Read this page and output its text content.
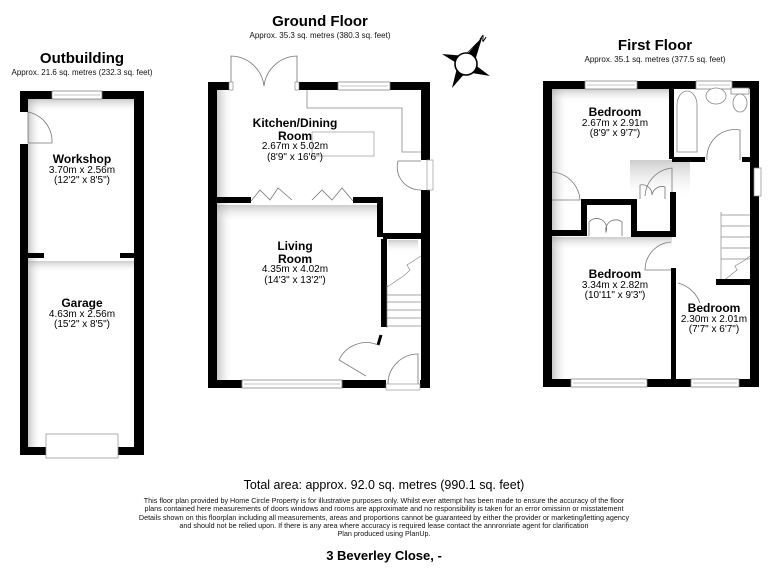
N
Outbuilding
Approx. 21.6 sq. metres (232.3 sq. feet)
Ground Floor
Approx. 35.3 sq. metres (380.3 sq. feet)
First Floor
Approx. 35.1 sq. metres (377.5 sq. feet)
Workshop
3.70m x 2.56m
(12'2" x 8'5")
Garage
4.63m x 2.56m
(15'2" x 8'5")
Kitchen/Dining
Room
2.67m x 5.02m
(8'9" x 16'6")
Living
Room
4.35m x 4.02m
(14'3" x 13'2")
Bedroom
2.67m x 2.91m
(8'9" x 9'7")
Bedroom
3.34m x 2.82m
(10'11" x 9'3")
Bedroom
2.30m x 2.01m
(7'7" x 6'7")
Total area: approx. 92.0 sq. metres (990.1 sq. feet)
This floor plan provided by Home Circle Property is for illustrative purposes only. Whilst ever attempt has been made to ensure the accuracy of the floor
plans contained here measurements of doors windows and rooms are approximate and no responsibility is taken for an error omissinn or misstatement
Details shown on this floorplan including all measurements, areas and proportions cannot be guaranteed by either the provider or marketing/letting agency
and should not be relied upon. If there is any area where accuracy is required lease contact the annronriate agent for clarification
Plan produced using PlanUp.
3 Beverley Close, -
